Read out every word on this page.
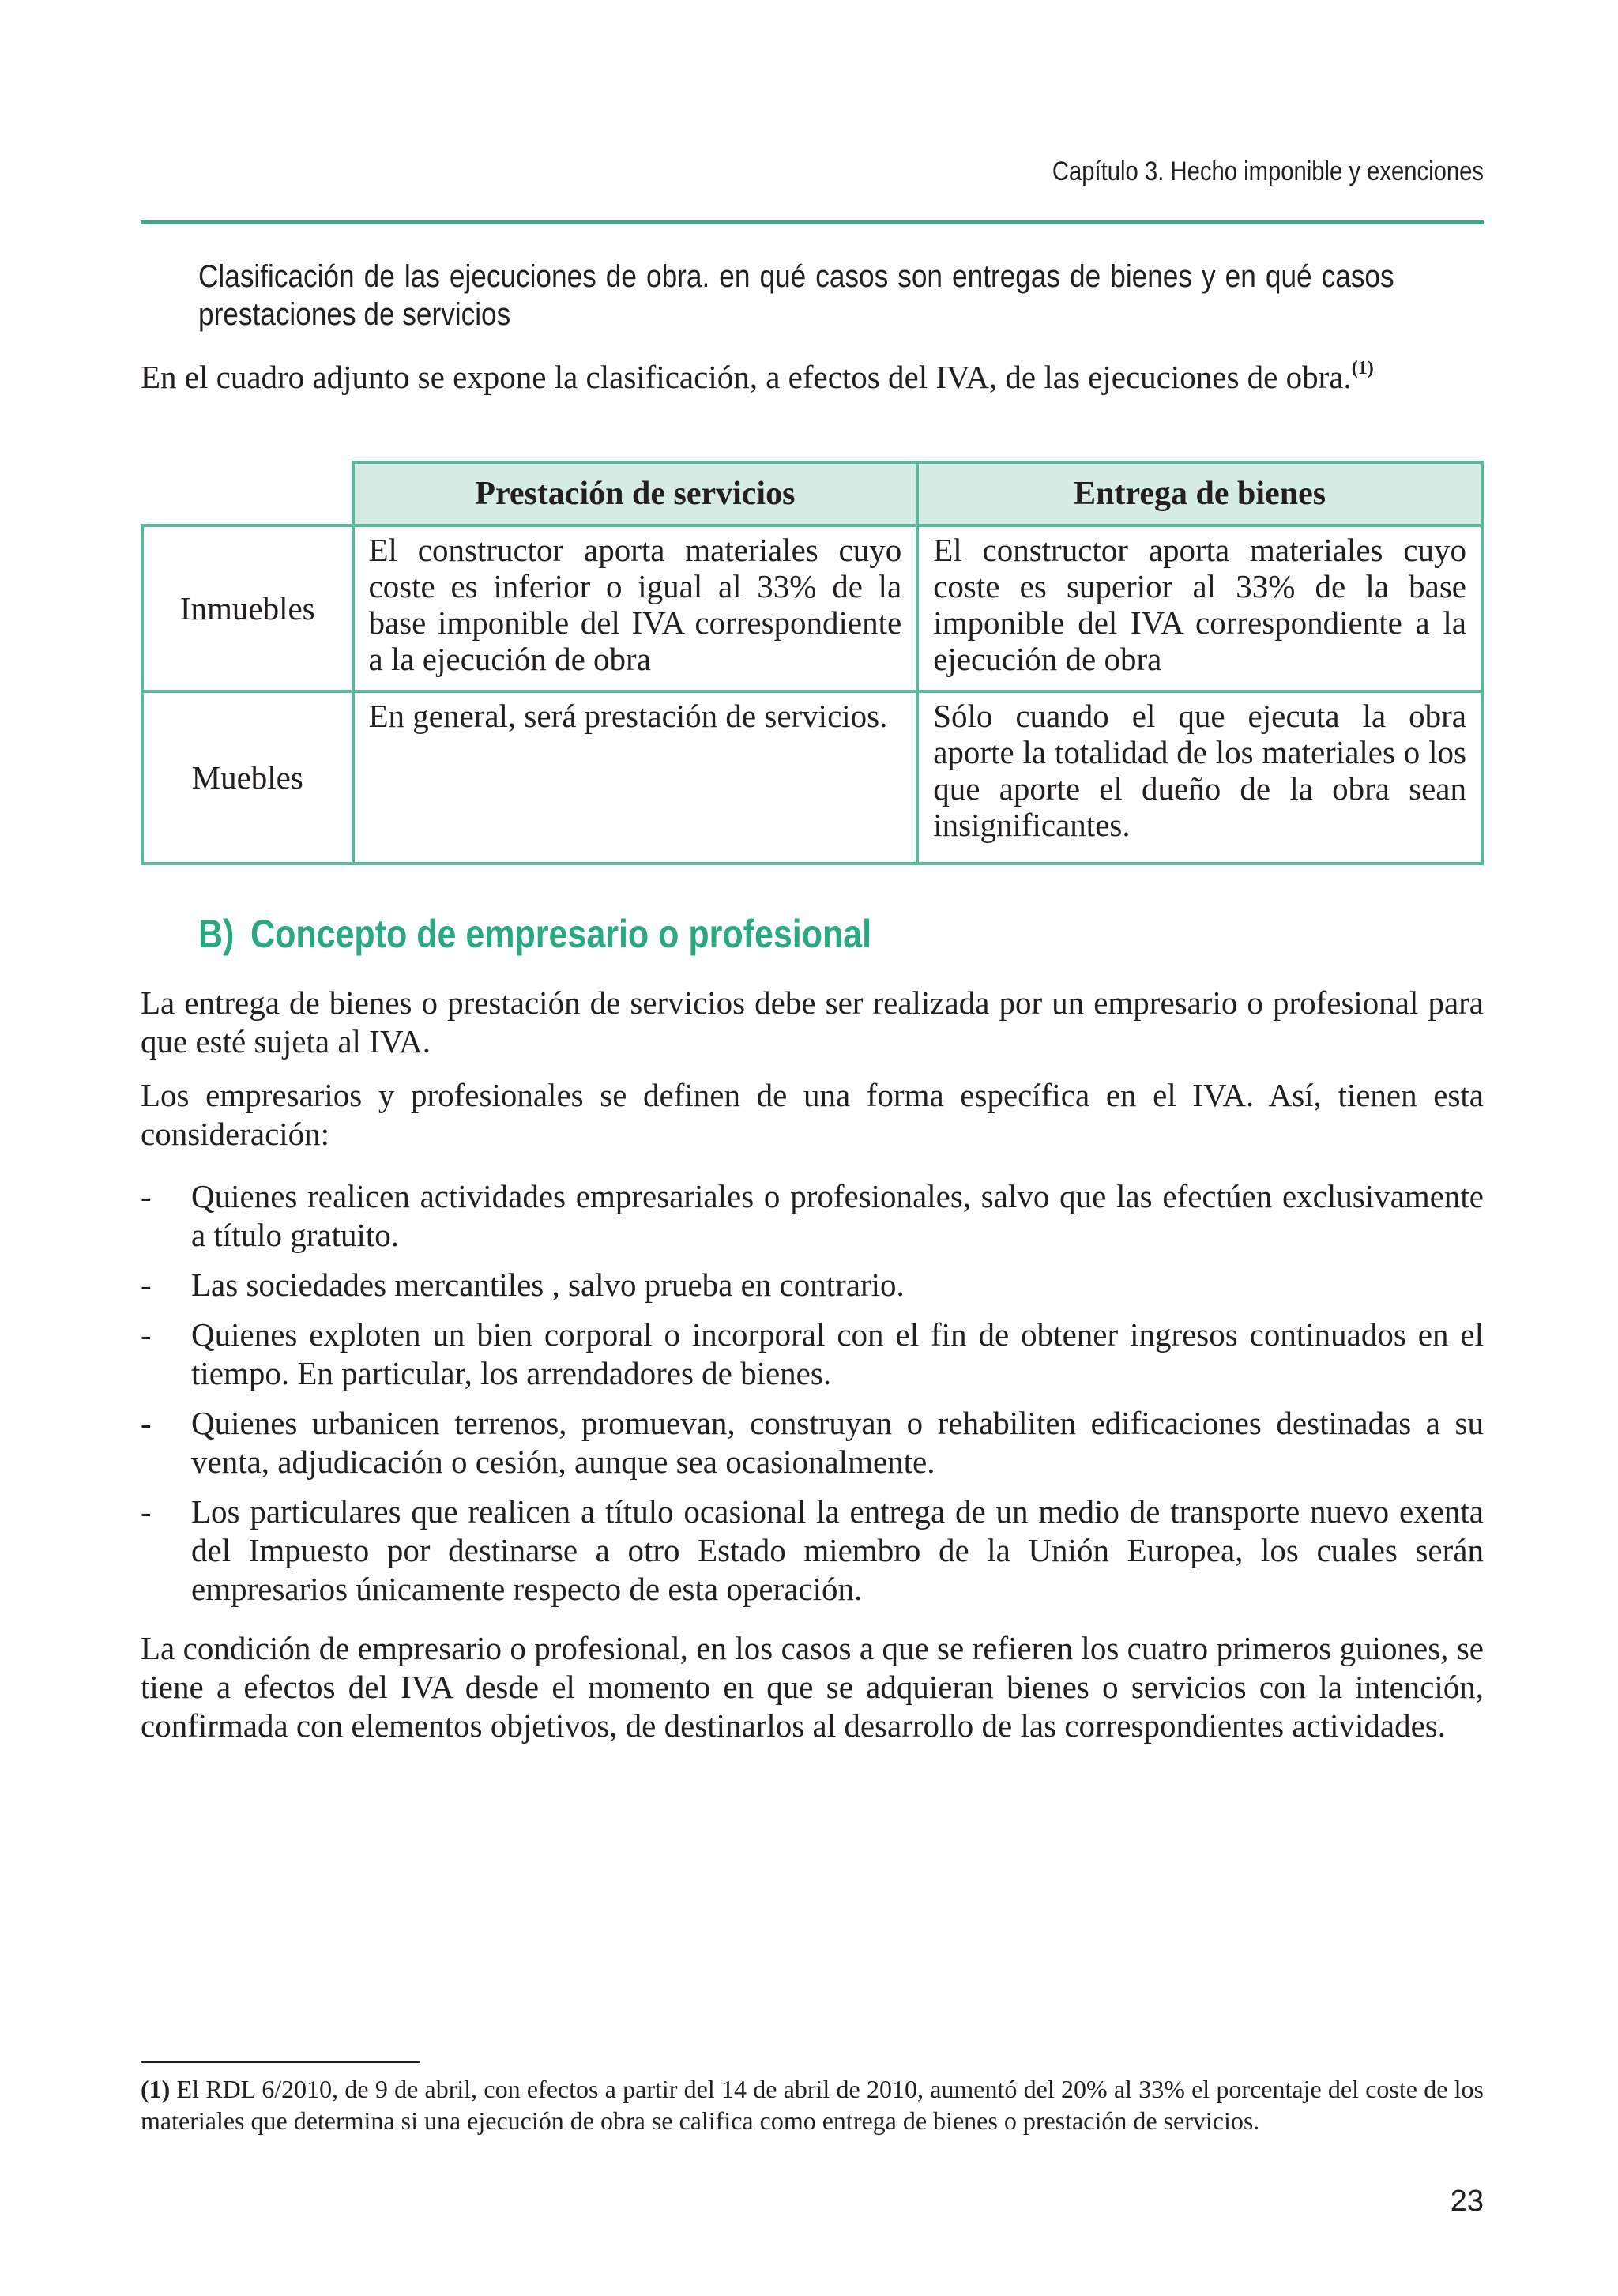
Capítulo 3. Hecho imponible y exenciones
Clasificación de las ejecuciones de obra. en qué casos son entregas de bienes y en qué casos prestaciones de servicios

En el cuadro adjunto se expone la clasificación, a efectos del IVA, de las ejecuciones de obra.$^{(1)}$

	Prestación de servicios	Entrega de bienes
Inmuebles	El constructor aporta materiales cuyo coste es inferior o igual al 33% de la base imponible del IVA correspondiente a la ejecución de obra	El constructor aporta materiales cuyo coste es superior al 33% de la base imponible del IVA correspondiente a la ejecución de obra
Muebles	En general, será prestación de servicios.	Sólo cuando el que ejecuta la obra aporte la totalidad de los materiales o los que aporte el dueño de la obra sean insignificantes.
B) Concepto de empresario o profesional

La entrega de bienes o prestación de servicios debe ser realizada por un empresario o profesional para que esté sujeta al IVA.

Los empresarios y profesionales se definen de una forma específica en el IVA. Así, tienen esta consideración:

- Quienes realicen actividades empresariales o profesionales, salvo que las efectúen exclusivamente a título gratuito.
- Las sociedades mercantiles , salvo prueba en contrario.
- Quienes exploten un bien corporal o incorporal con el fin de obtener ingresos continuados en el tiempo. En particular, los arrendadores de bienes.
- Quienes urbanicen terrenos, promuevan, construyan o rehabiliten edificaciones destinadas a su venta, adjudicación o cesión, aunque sea ocasionalmente.
- Los particulares que realicen a título ocasional la entrega de un medio de transporte nuevo exenta del Impuesto por destinarse a otro Estado miembro de la Unión Europea, los cuales serán empresarios únicamente respecto de esta operación.

La condición de empresario o profesional, en los casos a que se refieren los cuatro primeros guiones, se tiene a efectos del IVA desde el momento en que se adquieran bienes o servicios con la intención, confirmada con elementos objetivos, de destinarlos al desarrollo de las correspondientes actividades.

(1) El RDL 6/2010, de 9 de abril, con efectos a partir del 14 de abril de 2010, aumentó del 20% al 33% el porcentaje del coste de los materiales que determina si una ejecución de obra se califica como entrega de bienes o prestación de servicios.

23
